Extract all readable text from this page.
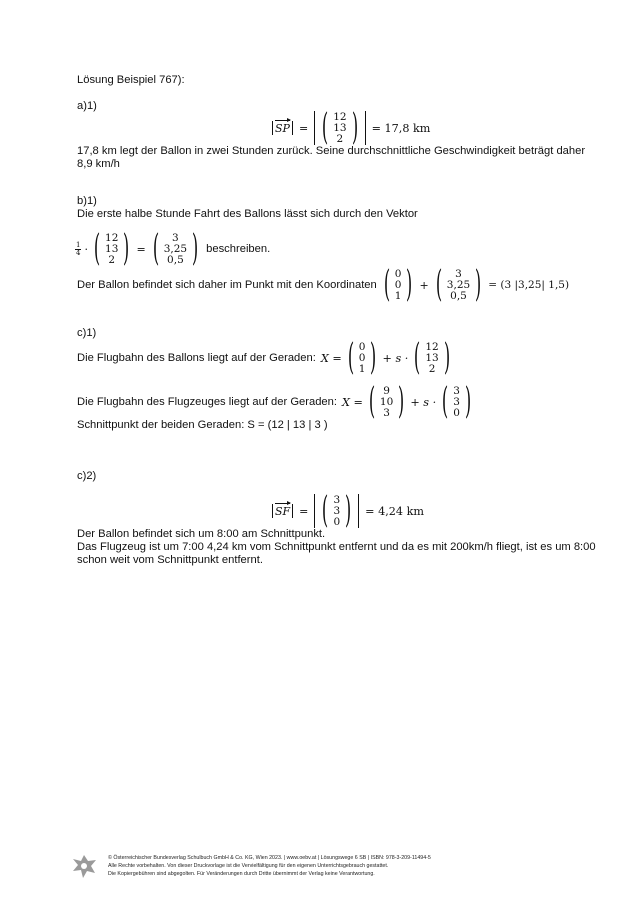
Lösung Beispiel 767):
a)1)
SP = ( 12
13
2 ) = 17,8 km
17,8 km legt der Ballon in zwei Stunden zurück. Seine durchschnittliche Geschwindigkeit beträgt daher
8,9 km/h
b)1)
Die erste halbe Stunde Fahrt des Ballons lässt sich durch den Vektor
$\frac{1}{4}$ · ( 12
13
2 ) = ( 3
3,25
0,5 ) beschreiben.
Der Ballon befindet sich daher im Punkt mit den Koordinaten ( 0
0
1 ) + ( 3
3,25
0,5 ) = (3 |3,25| 1,5)
c)1)
Die Flugbahn des Ballons liegt auf der Geraden: X = ( 0
0
1 ) + s · ( 12
13
2 )
Die Flugbahn des Flugzeuges liegt auf der Geraden: X = ( 9
10
3 ) + s · ( 3
3
0 )
Schnittpunkt der beiden Geraden: S = (12 | 13 | 3 )
c)2)
SF = ( 3
3
0 ) = 4,24 km
Der Ballon befindet sich um 8:00 am Schnittpunkt.
Das Flugzeug ist um 7:00 4,24 km vom Schnittpunkt entfernt und da es mit 200km/h fliegt, ist es um 8:00
schon weit vom Schnittpunkt entfernt.
© Österreichischer Bundesverlag Schulbuch GmbH & Co. KG, Wien 2023. | www.oebv.at | Lösungswege 6 SB | ISBN: 978-3-209-11494-5
Alle Rechte vorbehalten. Von dieser Druckvorlage ist die Vervielfältigung für den eigenen Unterrichtsgebrauch gestattet.
Die Kopiergebühren sind abgegolten. Für Veränderungen durch Dritte übernimmt der Verlag keine Verantwortung.
